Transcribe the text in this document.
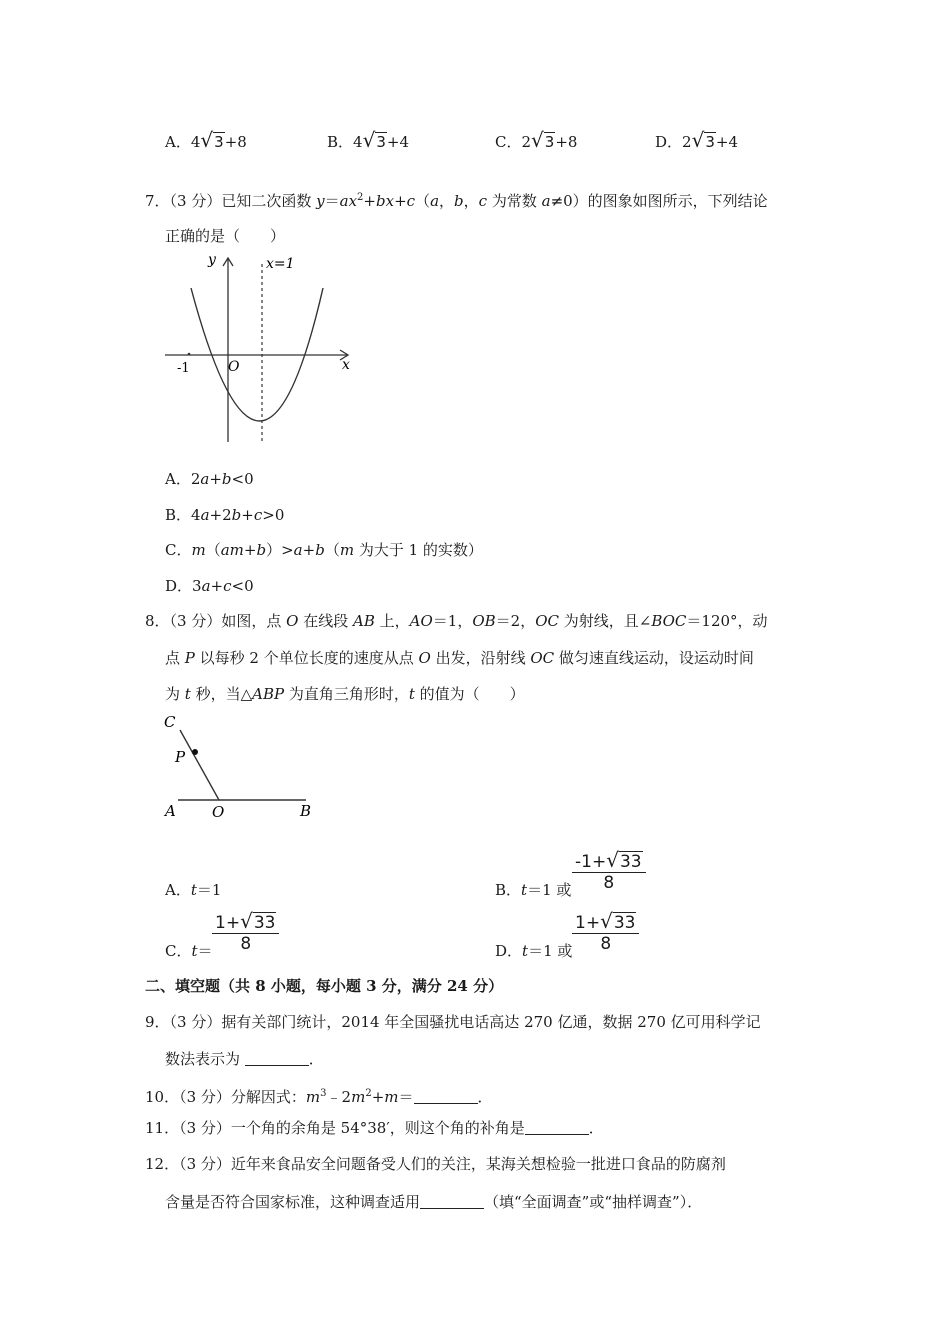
A．4√3+8	B．4√3+4	C．2√3+8	D．2√3+4
7．（3 分）已知二次函数 $y=ax^2+bx+c(a$，b，c 为常数 a≠0）的图象如图所示，下列结论
正确的是（　　）
y
x
x=1
O
-1
A．2a+b<0
B．4a+2b+c>0
C．m（am+b）>a+b（m 为大于 1 的实数）
D．3a+c<0
8．（3 分）如图，点 O 在线段 AB 上，AO＝1，OB＝2，OC 为射线，且∠BOC＝120°，动
点 P 以每秒 2 个单位长度的速度从点 O 出发，沿射线 OC 做匀速直线运动，设运动时间
为 t 秒，当△ABP 为直角三角形时，t 的值为（　　）
C
P
A O	B
A．t＝1	B．t＝1 或 $\frac{-1+√33}{8}$
C．$t= \frac{1+√33}{8}$	D．t＝1 或 $\frac{1+√33}{8}$
二、填空题（共 8 小题，每小题 3 分，满分 24 分）
9．（3 分）据有关部门统计，2014 年全国骚扰电话高达 270 亿通，数据 270 亿可用科学记
数法表示为	．
10．（3 分）分解因式：$m^3﹣2m^2+m=$	．
11．（3 分）一个角的余角是 54°38′，则这个角的补角是	．
12．（3 分）近年来食品安全问题备受人们的关注，某海关想检验一批进口食品的防腐剂
含量是否符合国家标准，这种调查适用	（填“全面调查”或“抽样调查”）．
